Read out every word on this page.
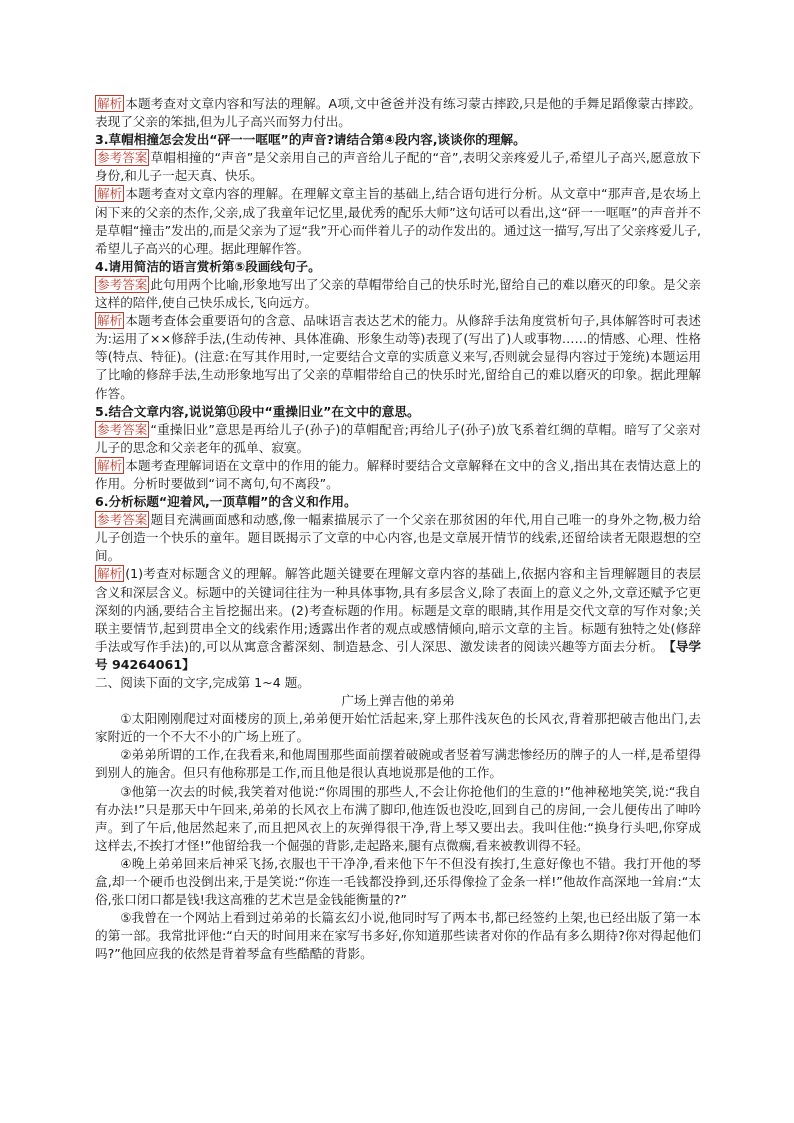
解析 本题考查对文章内容和写法的理解。A项,文中爸爸并没有练习蒙古摔跤,只是他的手舞足蹈像蒙古摔跤。表现了父亲的笨拙,但为儿子高兴而努力付出。

3.草帽相撞怎会发出“砰一一哐哐”的声音?请结合第④段内容,谈谈你的理解。

参考答案 草帽相撞的“声音”是父亲用自己的声音给儿子配的“音”,表明父亲疼爱儿子,希望儿子高兴,愿意放下身份,和儿子一起天真、快乐。

解析 本题考查对文章内容的理解。在理解文章主旨的基础上,结合语句进行分析。从文章中“那声音,是农场上闲下来的父亲的杰作,父亲,成了我童年记忆里,最优秀的配乐大师”这句话可以看出,这“砰一一哐哐”的声音并不是草帽“撞击”发出的,而是父亲为了逗“我”开心而伴着儿子的动作发出的。通过这一描写,写出了父亲疼爱儿子,希望儿子高兴的心理。据此理解作答。

4.请用简洁的语言赏析第⑤段画线句子。

参考答案 此句用两个比喻,形象地写出了父亲的草帽带给自己的快乐时光,留给自己的难以磨灭的印象。是父亲这样的陪伴,使自己快乐成长,飞向远方。

解析 本题考查体会重要语句的含意、品味语言表达艺术的能力。从修辞手法角度赏析句子,具体解答时可表述为:运用了××修辞手法,(生动传神、具体准确、形象生动等)表现了(写出了)人或事物……的情感、心理、性格等(特点、特征)。(注意:在写其作用时,一定要结合文章的实质意义来写,否则就会显得内容过于笼统)本题运用了比喻的修辞手法,生动形象地写出了父亲的草帽带给自己的快乐时光,留给自己的难以磨灭的印象。据此理解作答。

5.结合文章内容,说说第⑪段中“重操旧业”在文中的意思。

参考答案 “重操旧业”意思是再给儿子(孙子)的草帽配音;再给儿子(孙子)放飞系着红绸的草帽。暗写了父亲对儿子的思念和父亲老年的孤单、寂寞。

解析 本题考查理解词语在文章中的作用的能力。解释时要结合文章解释在文中的含义,指出其在表情达意上的作用。分析时要做到“词不离句,句不离段”。

6.分析标题“迎着风,一顶草帽”的含义和作用。

参考答案 题目充满画面感和动感,像一幅素描展示了一个父亲在那贫困的年代,用自己唯一的身外之物,极力给儿子创造一个快乐的童年。题目既揭示了文章的中心内容,也是文章展开情节的线索,还留给读者无限遐想的空间。

解析 (1)考查对标题含义的理解。解答此题关键要在理解文章内容的基础上,依据内容和主旨理解题目的表层含义和深层含义。标题中的关键词往往为一种具体事物,具有多层含义,除了表面上的意义之外,文章还赋予它更深刻的内涵,要结合主旨挖掘出来。(2)考查标题的作用。标题是文章的眼睛,其作用是交代文章的写作对象;关联主要情节,起到贯串全文的线索作用;透露出作者的观点或感情倾向,暗示文章的主旨。标题有独特之处(修辞手法或写作手法)的,可以从寓意含蓄深刻、制造悬念、引人深思、激发读者的阅读兴趣等方面去分析。 【导学号 94264061】

二、阅读下面的文字,完成第 1~4 题。

广场上弹吉他的弟弟

①太阳刚刚爬过对面楼房的顶上,弟弟便开始忙活起来,穿上那件浅灰色的长风衣,背着那把破吉他出门,去家附近的一个不大不小的广场上班了。

②弟弟所谓的工作,在我看来,和他周围那些面前摆着破碗或者竖着写满悲惨经历的牌子的人一样,是希望得到别人的施舍。但只有他称那是工作,而且他是很认真地说那是他的工作。

③他第一次去的时候,我笑着对他说:“你周围的那些人,不会让你抢他们的生意的!”他神秘地笑笑,说:“我自有办法!”只是那天中午回来,弟弟的长风衣上布满了脚印,他连饭也没吃,回到自己的房间,一会儿便传出了呻吟声。到了午后,他居然起来了,而且把风衣上的灰弹得很干净,背上琴又要出去。我叫住他:“换身行头吧,你穿成这样去,不挨打才怪!”他留给我一个倔强的背影,走起路来,腿有点微瘸,看来被教训得不轻。

④晚上弟弟回来后神采飞扬,衣服也干干净净,看来他下午不但没有挨打,生意好像也不错。我打开他的琴盒,却一个硬币也没倒出来,于是笑说:“你连一毛钱都没挣到,还乐得像捡了金条一样!”他故作高深地一耸肩:“太俗,张口闭口都是钱!我这高雅的艺术岂是金钱能衡量的?”

⑤我曾在一个网站上看到过弟弟的长篇玄幻小说,他同时写了两本书,都已经签约上架,也已经出版了第一本的第一部。我常批评他:“白天的时间用来在家写书多好,你知道那些读者对你的作品有多么期待?你对得起他们吗?”他回应我的依然是背着琴盒有些酷酷的背影。
